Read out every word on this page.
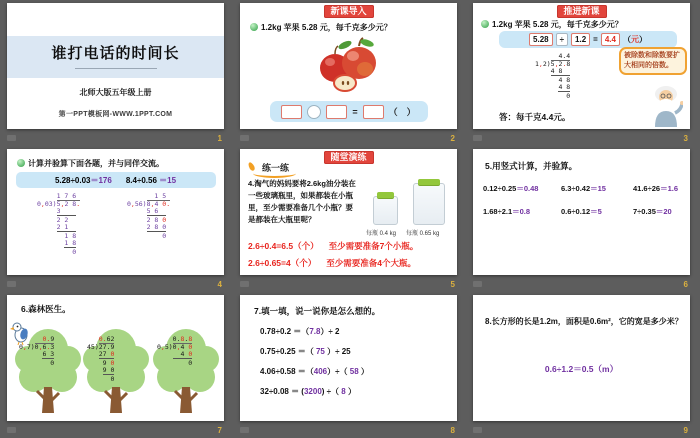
谁打电话的时间长
北师大版五年级上册
第一PPT模板网-WWW.1PPT.COM
1
新课导入
1.2kg 苹果 5.28 元，每千克多少元？
=	（　）
2
推进新课
1.2kg 苹果 5.28 元，每千克多少元？
5.28	÷	1.2 = 4.4 （元）
4.4
1,2)5,2.8
4 8
4 8
4 8
0
被除数和除数要扩大相同的倍数。
答：每千克4.4元。
3
计算并验算下面各题，并与同伴交流。
5.28÷0.03＝176 8.4÷0.56 ＝15
1 7 6
0,03)5,2 8.
3
2 2
2 1
1 8
1 8
0
1 5
0,56)8,4 0.
5 6
2 8 0
2 8 0
0
4
随堂演练
练一练
4.淘气的妈妈要将2.6kg油分装在一些玻璃瓶里，如果都装在小瓶里，至少需要准备几个小瓶？要是都装在大瓶里呢？
每瓶 0.4 kg 每瓶 0.65 kg
2.6÷0.4=6.5（个） 至少需要准备7个小瓶。
2.6÷0.65=4（个） 至少需要准备4个大瓶。
5
5.用竖式计算，并验算。
0.12÷0.25＝0.48	6.3÷0.42＝15	41.6÷26＝1.6
1.68÷2.1＝0.8	0.6÷0.12＝5	7÷0.35＝20
6
6.森林医生。
0.9
0,7)0,6.3
6 3
0
0.62
45)27.9
27 0
9 0
9 0
0
0.8.8
0,5)0,4 0
4 0
0
7
7.填一填，说一说你是怎么想的。
0.78÷0.2 ＝（7.8）÷ 2
0.75÷0.25 ＝（ 75 ）÷ 25
4.06÷0.58 ＝（406）÷（ 58 ）
32÷0.08 ＝ (3200) ÷（ 8 ）
8
8.长方形的长是1.2m，面积是0.6m²，它的宽是多少米？
0.6÷1.2＝0.5（m）
9
